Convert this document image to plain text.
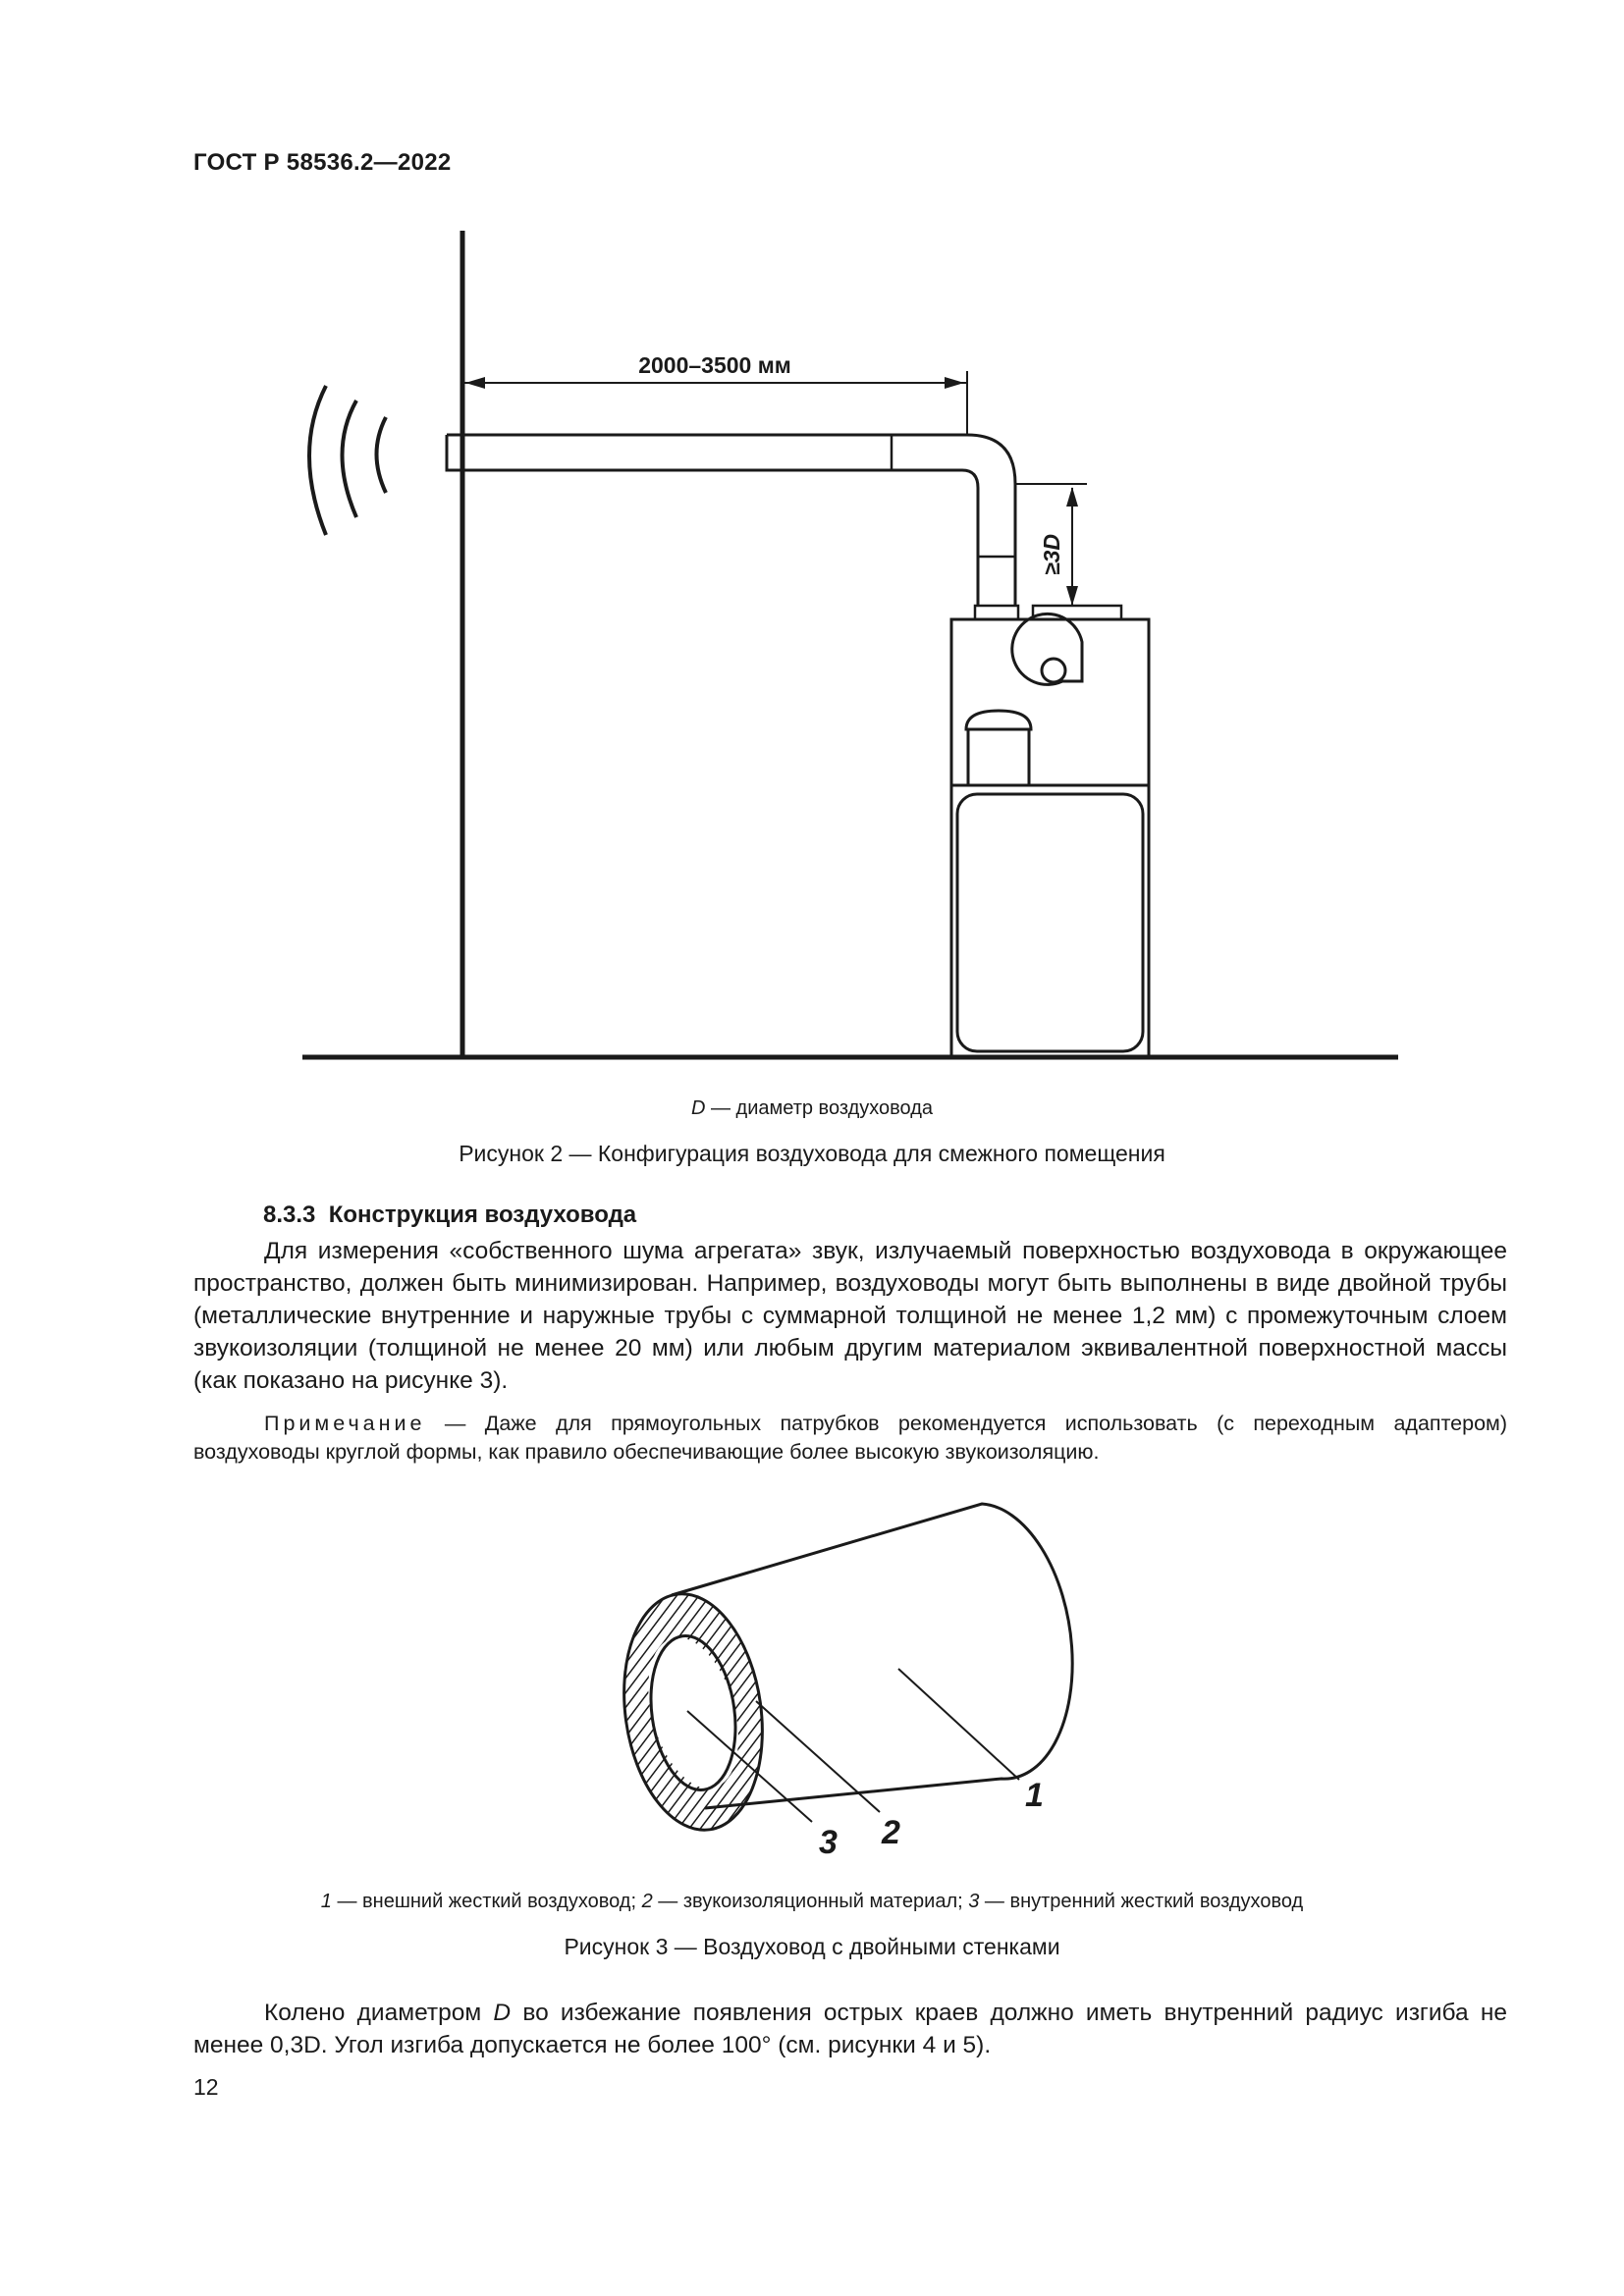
ГОСТ Р 58536.2—2022
2000–3500 мм
≥3D
D — диаметр воздуховода
Рисунок 2 — Конфигурация воздуховода для смежного помещения
8.3.3  Конструкция воздуховода

Для измерения «собственного шума агрегата» звук, излучаемый поверхностью воздуховода в окружающее пространство, должен быть минимизирован. Например, воздуховоды могут быть выполнены в виде двойной трубы (металлические внутренние и наружные трубы с суммарной толщиной не менее 1,2 мм) с промежуточным слоем звукоизоляции (толщиной не менее 20 мм) или любым другим материалом эквивалентной поверхностной массы (как показано на рисунке 3).

Примечание — Даже для прямоугольных патрубков рекомендуется использовать (с переходным адаптером) воздуховоды круглой формы, как правило обеспечивающие более высокую звукоизоляцию.
1
2
3
1 — внешний жесткий воздуховод; 2 — звукоизоляционный материал; 3 — внутренний жесткий воздуховод
Рисунок 3 — Воздуховод с двойными стенками

Колено диаметром D во избежание появления острых краев должно иметь внутренний радиус изгиба не менее 0,3D. Угол изгиба допускается не более 100° (см. рисунки 4 и 5).

12
